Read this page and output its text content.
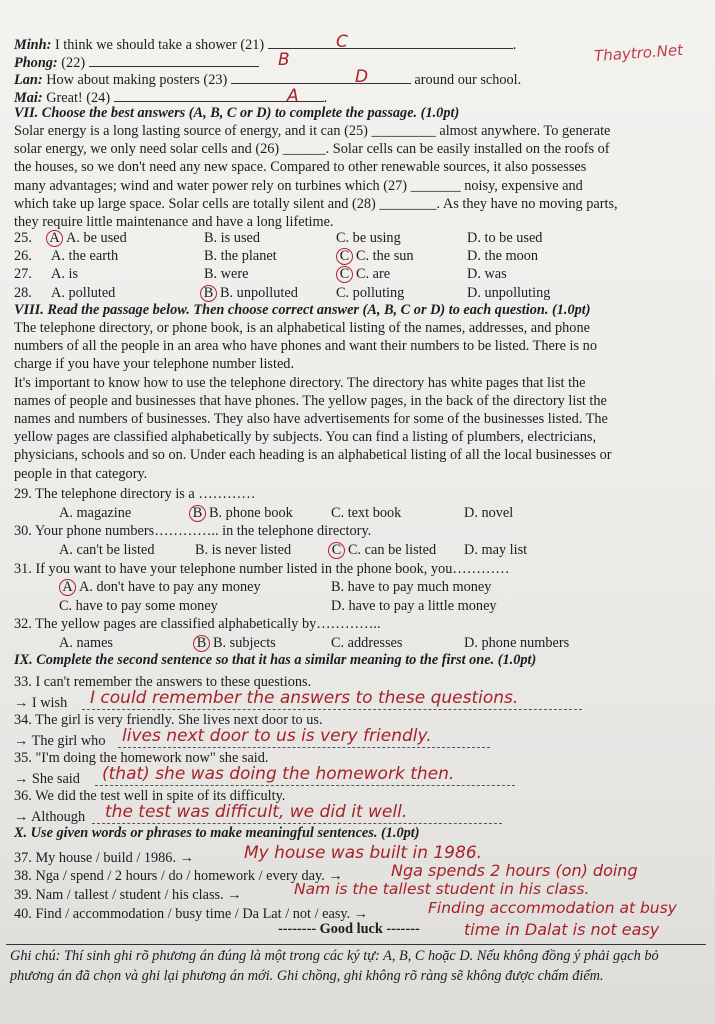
Thaytro.Net
Minh: I think we should take a shower (21)	.
C
Phong: (22)	B
Lan: How about making posters (23)	around our school.
D
Mai: Great! (24)	.
A
VII. Choose the best answers (A, B, C or D) to complete the passage. (1.0pt)
Solar energy is a long lasting source of energy, and it can (25) _________ almost anywhere. To generate
solar energy, we only need solar cells and (26) ______. Solar cells can be easily installed on the roofs of
the houses, so we don't need any new space. Compared to other renewable sources, it also possesses
many advantages; wind and water power rely on turbines which (27) _______ noisy, expensive and
which take up large space. Solar cells are totally silent and (28) ________. As they have no moving parts,
they require little maintenance and have a long lifetime.
25. A A. be used	B. is used	C. be using	D. to be used
26. A. the earth	B. the planet	C C. the sun	D. the moon
27. A. is	B. were	C C. are	D. was
28. A. polluted	B B. unpolluted	C. polluting	D. unpolluting
VIII. Read the passage below. Then choose correct answer (A, B, C or D) to each question. (1.0pt)
The telephone directory, or phone book, is an alphabetical listing of the names, addresses, and phone
numbers of all the people in an area who have phones and want their numbers to be listed. There is no
charge if you have your telephone number listed.
It's important to know how to use the telephone directory. The directory has white pages that list the
names of people and businesses that have phones. The yellow pages, in the back of the directory list the
names and numbers of businesses. They also have advertisements for some of the businesses listed. The
yellow pages are classified alphabetically by subjects. You can find a listing of plumbers, electricians,
physicians, schools and so on. Under each heading is an alphabetical listing of all the local businesses or
people in that category.
29. The telephone directory is a …………
A. magazine	B B. phone book	C. text book	D. novel
30. Your phone numbers………….. in the telephone directory.
A. can't be listed	B. is never listed	C C. can be listed D. may list
31. If you want to have your telephone number listed in the phone book, you…………
A A. don't have to pay any money	B. have to pay much money
C. have to pay some money	D. have to pay a little money
32. The yellow pages are classified alphabetically by…………..
A. names	B B. subjects	C. addresses	D. phone numbers
IX. Complete the second sentence so that it has a similar meaning to the first one. (1.0pt)
33. I can't remember the answers to these questions.
→ I wish I could remember the answers to these questions.
34. The girl is very friendly. She lives next door to us.
→ The girl who lives next door to us is very friendly.
35. "I'm doing the homework now" she said.
→ She said (that) she was doing the homework then.
36. We did the test well in spite of its difficulty.
→ Although the test was difficult, we did it well.
X. Use given words or phrases to make meaningful sentences. (1.0pt)
37. My house / build / 1986. →	My house was built in 1986.
38. Nga / spend / 2 hours / do / homework / every day. →	Nga spends 2 hours (on) doing
39. Nam / tallest / student / his class. →	Nam is the tallest student in his class.
40. Find / accommodation / busy time / Da Lat / not / easy. →	Finding accommodation at busy
time in Dalat is not easy
-------- Good luck -------
Ghi chú: Thí sinh ghi rõ phương án đúng là một trong các ký tự: A, B, C hoặc D. Nếu không đồng ý phải gạch bỏ phương án đã chọn và ghi lại phương án mới. Ghi chồng, ghi không rõ ràng sẽ không được chấm điểm.
